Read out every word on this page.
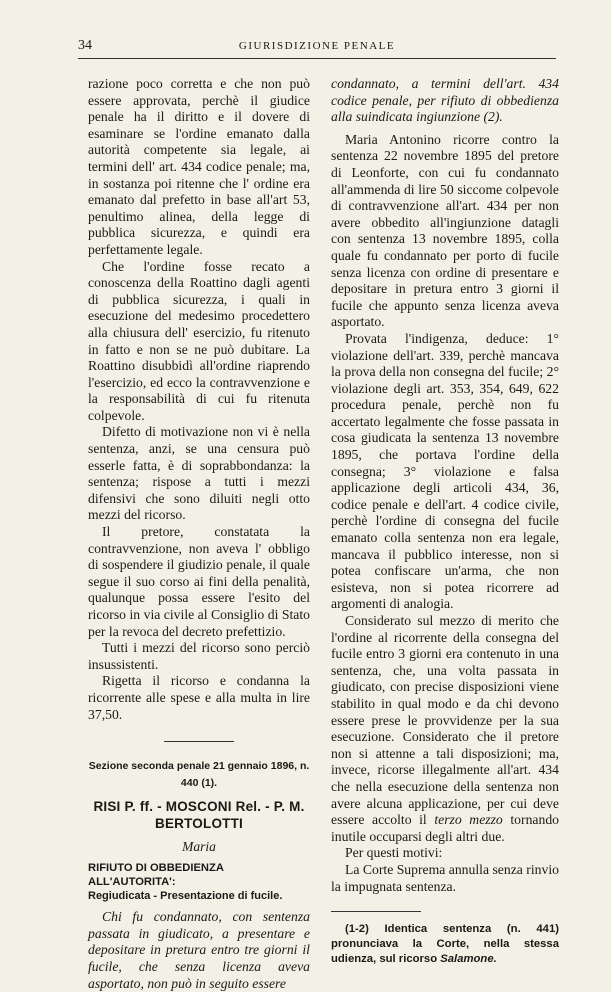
34	GIURISDIZIONE PENALE

razione poco corretta e che non può essere approvata, perchè il giudice penale ha il diritto e il dovere di esaminare se l'ordine emanato dalla autorità competente sia legale, ai termini dell' art. 434 codice penale; ma, in sostanza poi ritenne che l' ordine era emanato dal prefetto in base all'art 53, penultimo alinea, della legge di pubblica sicurezza, e quindi era perfettamente legale.

Che l'ordine fosse recato a conoscenza della Roattino dagli agenti di pubblica sicurezza, i quali in esecuzione del medesimo procedettero alla chiusura dell' esercizio, fu ritenuto in fatto e non se ne può dubitare. La Roattino disubbidì all'ordine riaprendo l'esercizio, ed ecco la contravvenzione e la responsabilità di cui fu ritenuta colpevole.

Difetto di motivazione non vi è nella sentenza, anzi, se una censura può esserle fatta, è di soprabbondanza: la sentenza; rispose a tutti i mezzi difensivi che sono diluiti negli otto mezzi del ricorso.

Il pretore, constatata la contravvenzione, non aveva l' obbligo di sospendere il giudizio penale, il quale segue il suo corso ai fini della penalità, qualunque possa essere l'esito del ricorso in via civile al Consiglio di Stato per la revoca del decreto prefettizio.

Tutti i mezzi del ricorso sono perciò insussistenti.

Rigetta il ricorso e condanna la ricorrente alle spese e alla multa in lire 37,50.

Sezione seconda penale 21 gennaio 1896, n. 440 (1).
RISI P. ff. - MOSCONI Rel. - P. M. BERTOLOTTI
Maria
RIFIUTO DI OBBEDIENZA ALL'AUTORITA':
Regiudicata - Presentazione di fucile.

Chi fu condannato, con sentenza passata in giudicato, a presentare e depositare in pretura entro tre giorni il fucile, che senza licenza aveva asportato, non può in seguito essere

condannato, a termini dell'art. 434 codice penale, per rifiuto di obbedienza alla suindicata ingiunzione (2).

Maria Antonino ricorre contro la sentenza 22 novembre 1895 del pretore di Leonforte, con cui fu condannato all'ammenda di lire 50 siccome colpevole di contravvenzione all'art. 434 per non avere obbedito all'ingiunzione datagli con sentenza 13 novembre 1895, colla quale fu condannato per porto di fucile senza licenza con ordine di presentare e depositare in pretura entro 3 giorni il fucile che appunto senza licenza aveva asportato.

Provata l'indigenza, deduce: 1° violazione dell'art. 339, perchè mancava la prova della non consegna del fucile; 2° violazione degli art. 353, 354, 649, 622 procedura penale, perchè non fu accertato legalmente che fosse passata in cosa giudicata la sentenza 13 novembre 1895, che portava l'ordine della consegna; 3° violazione e falsa applicazione degli articoli 434, 36, codice penale e dell'art. 4 codice civile, perchè l'ordine di consegna del fucile emanato colla sentenza non era legale, mancava il pubblico interesse, non si potea confiscare un'arma, che non esisteva, non si potea ricorrere ad argomenti di analogia.

Considerato sul mezzo di merito che l'ordine al ricorrente della consegna del fucile entro 3 giorni era contenuto in una sentenza, che, una volta passata in giudicato, con precise disposizioni viene stabilito in qual modo e da chi devono essere prese le provvidenze per la sua esecuzione. Considerato che il pretore non si attenne a tali disposizioni; ma, invece, ricorse illegalmente all'art. 434 che nella esecuzione della sentenza non avere alcuna applicazione, per cui deve essere accolto il terzo mezzo tornando inutile occuparsi degli altri due.

Per questi motivi:

La Corte Suprema annulla senza rinvio la impugnata sentenza.

(1-2) Identica sentenza (n. 441) pronunciava la Corte, nella stessa udienza, sul ricorso Salamone.
